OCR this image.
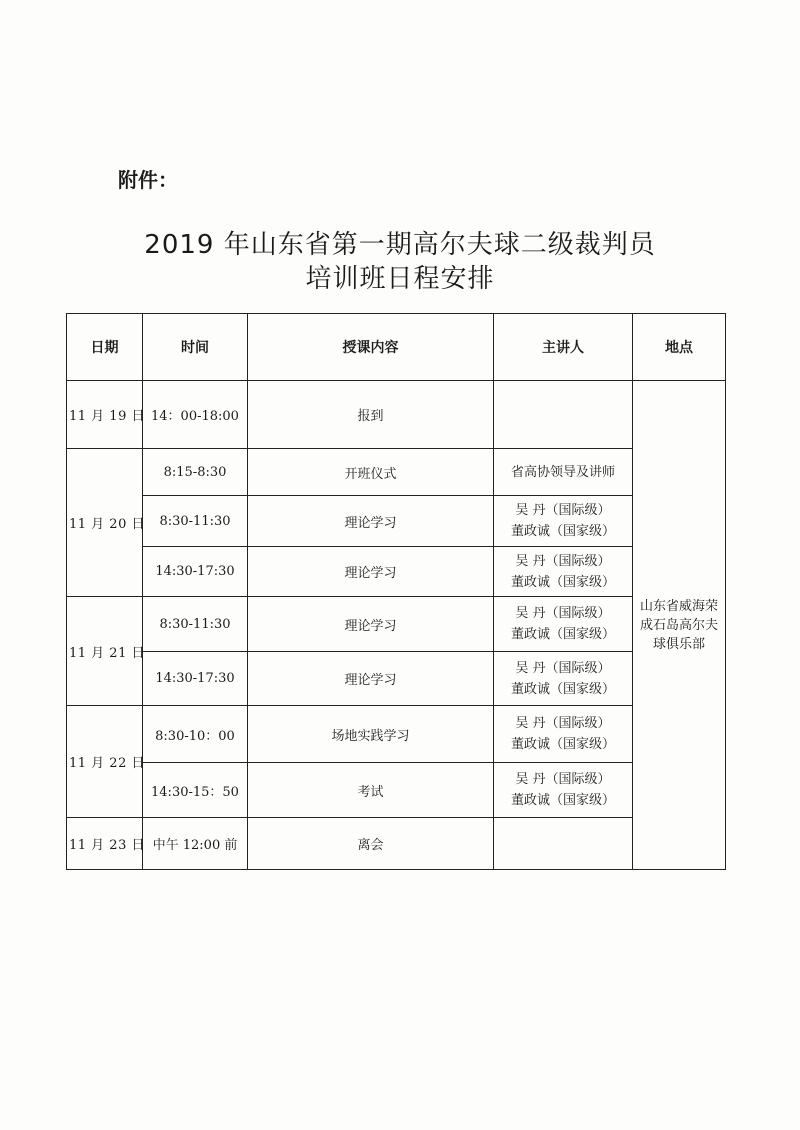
附件：
2019 年山东省第一期高尔夫球二级裁判员
培训班日程安排
日期	时间	授课内容	主讲人	地点
11 月 19 日	14：00-18:00	报到		山东省威海荣成石岛高尔夫球俱乐部
11 月 20 日	8:15-8:30	开班仪式	省高协领导及讲师	

	8:30-11:30	理论学习	吴 丹（国际级）
董政诚（国家级）	

	14:30-17:30	理论学习	吴 丹（国际级）
董政诚（国家级）	

11 月 21 日	8:30-11:30	理论学习	吴 丹（国际级）
董政诚（国家级）	

	14:30-17:30	理论学习	吴 丹（国际级）
董政诚（国家级）	

11 月 22 日	8:30-10：00	场地实践学习	吴 丹（国际级）
董政诚（国家级）	

	14:30-15：50	考试	吴 丹（国际级）
董政诚（国家级）	

11 月 23 日	中午 12:00 前	离会		
